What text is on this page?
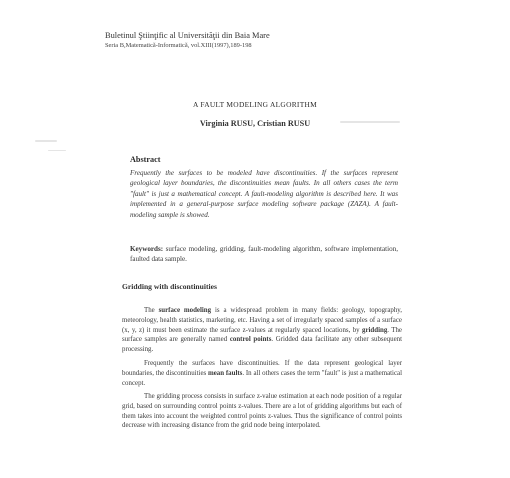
Buletinul Ştiinţific al Universităţii din Baia Mare
Seria B,Matematică-Informatică, vol.XIII(1997),189-198
A FAULT MODELING ALGORITHM
Virginia RUSU, Cristian RUSU
Abstract
Frequently the surfaces to be modeled have discontinuities. If the surfaces represent geological layer boundaries, the discontinuities mean faults. In all others cases the term "fault" is just a mathematical concept. A fault-modeling algorithm is described here. It was implemented in a general-purpose surface modeling software package (ZAZA). A fault-modeling sample is showed.
Keywords: surface modeling, gridding, fault-modeling algorithm, software implementation, faulted data sample.
Gridding with discontinuities
The surface modeling is a widespread problem in many fields: geology, topography, meteorology, health statistics, marketing, etc. Having a set of irregularly spaced samples of a surface (x, y, z) it must been estimate the surface z-values at regularly spaced locations, by gridding. The surface samples are generally named control points. Gridded data facilitate any other subsequent processing.
Frequently the surfaces have discontinuities. If the data represent geological layer boundaries, the discontinuities mean faults. In all others cases the term "fault" is just a mathematical concept.
The gridding process consists in surface z-value estimation at each node position of a regular grid, based on surrounding control points z-values. There are a lot of gridding algorithms but each of them takes into account the weighted control points z-values. Thus the significance of control points decrease with increasing distance from the grid node being interpolated.
